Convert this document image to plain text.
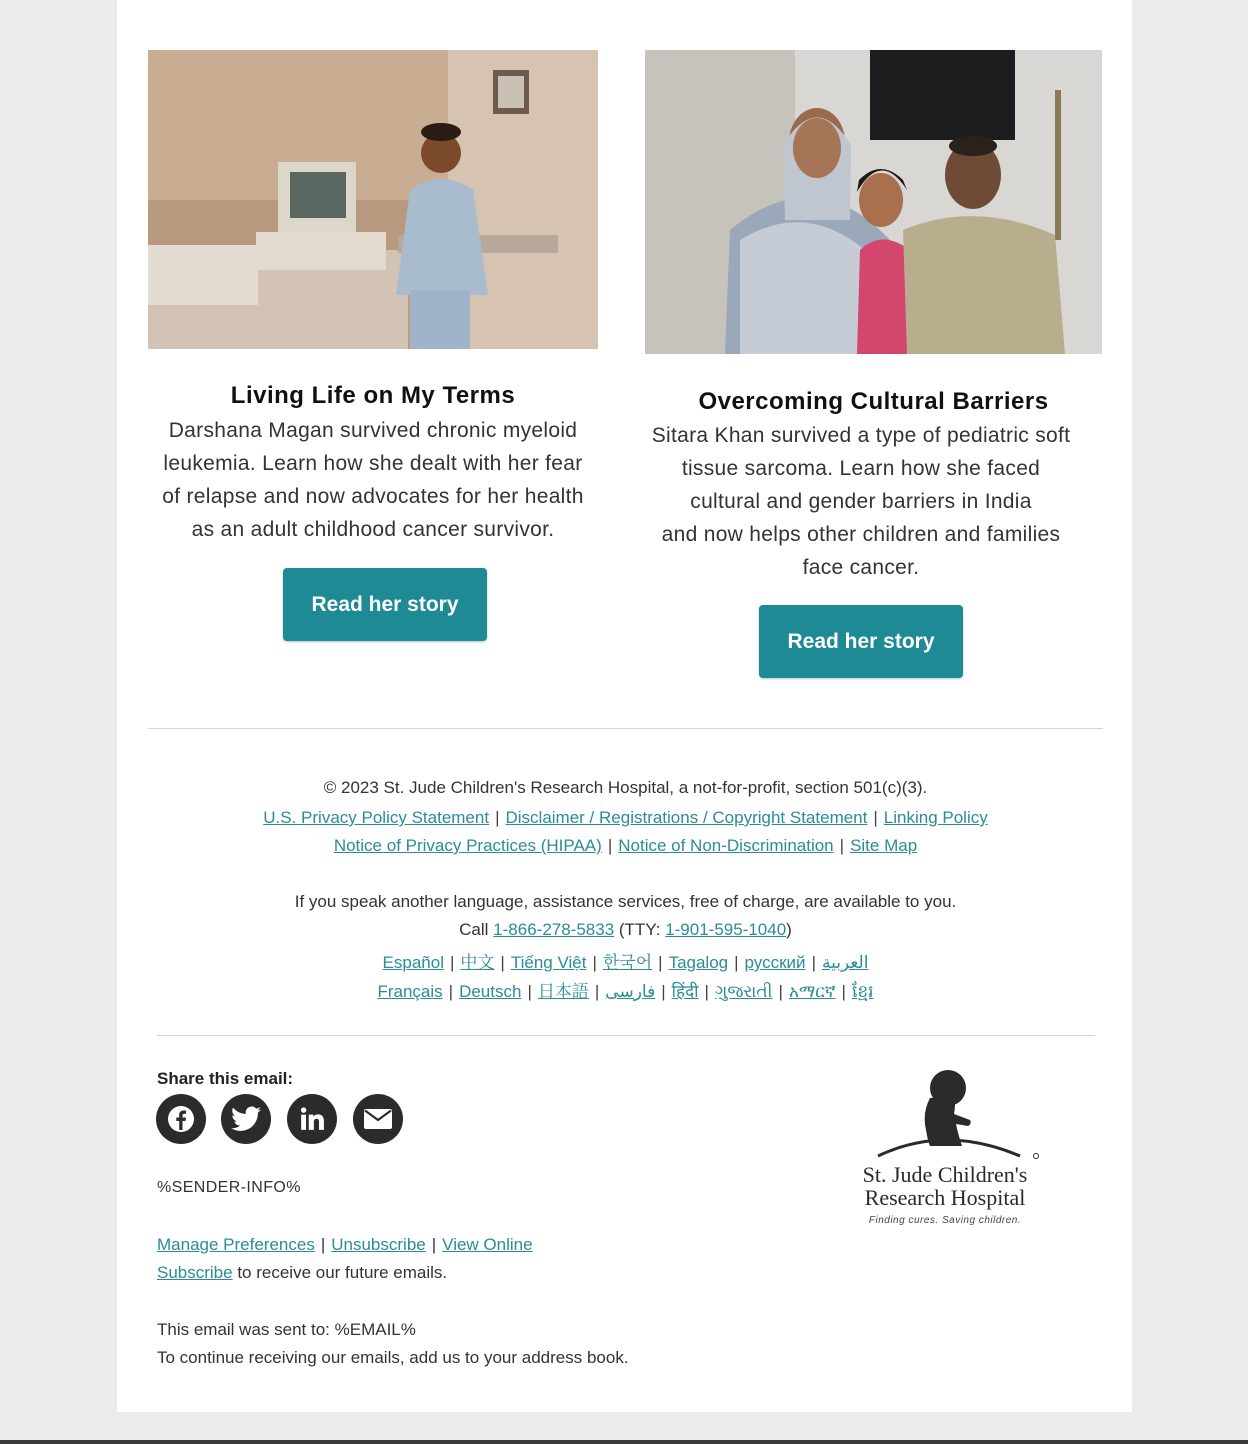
Living Life on My Terms

Darshana Magan survived chronic myeloid

leukemia. Learn how she dealt with her fear

of relapse and now advocates for her health

as an adult childhood cancer survivor.

Read her story
Overcoming Cultural Barriers

Sitara Khan survived a type of pediatric soft

tissue sarcoma. Learn how she faced

cultural and gender barriers in India

and now helps other children and families

face cancer.

Read her story
© 2023 St. Jude Children's Research Hospital, a not-for-profit, section 501(c)(3).
U.S. Privacy Policy Statement | Disclaimer / Registrations / Copyright Statement | Linking Policy
Notice of Privacy Practices (HIPAA) | Notice of Non-Discrimination | Site Map
If you speak another language, assistance services, free of charge, are available to you.
Call 1-866-278-5833 (TTY: 1-901-595-1040)
Español | 中文 | Tiếng Việt | 한국어 | Tagalog | русский | العربية
Français | Deutsch | 日本語 | فارسی | हिंदी | ગુજરાતી | አማርኛ | ខ្មែរ
Share this email:
%SENDER-INFO%
Manage Preferences | Unsubscribe | View Online
Subscribe to receive our future emails.
This email was sent to: %EMAIL%
To continue receiving our emails, add us to your address book.
St. Jude Children's
Research Hospital
Finding cures. Saving children.
